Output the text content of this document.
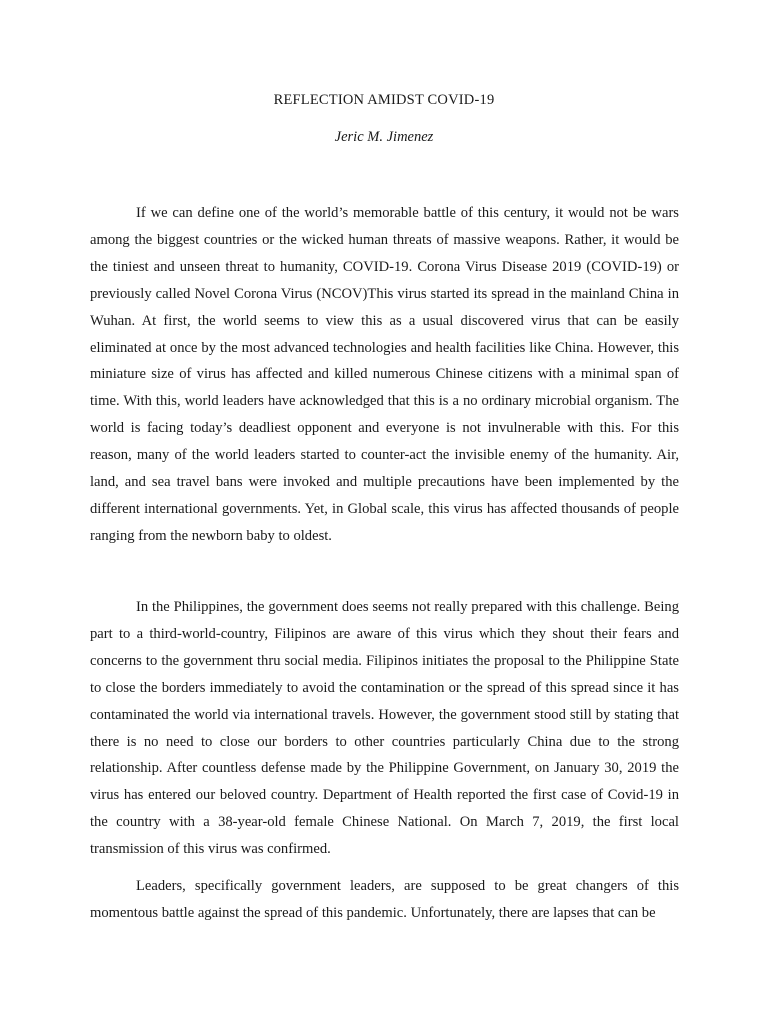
REFLECTION AMIDST COVID-19

Jeric M. Jimenez

If we can define one of the world’s memorable battle of this century, it would not be wars among the biggest countries or the wicked human threats of massive weapons. Rather, it would be the tiniest and unseen threat to humanity, COVID-19. Corona Virus Disease 2019 (COVID-19) or previously called Novel Corona Virus (NCOV)This virus started its spread in the mainland China in Wuhan. At first, the world seems to view this as a usual discovered virus that can be easily eliminated at once by the most advanced technologies and health facilities like China. However, this miniature size of virus has affected and killed numerous Chinese citizens with a minimal span of time. With this, world leaders have acknowledged that this is a no ordinary microbial organism. The world is facing today’s deadliest opponent and everyone is not invulnerable with this. For this reason, many of the world leaders started to counter-act the invisible enemy of the humanity. Air, land, and sea travel bans were invoked and multiple precautions have been implemented by the different international governments. Yet, in Global scale, this virus has affected thousands of people ranging from the newborn baby to oldest.

In the Philippines, the government does seems not really prepared with this challenge. Being part to a third-world-country, Filipinos are aware of this virus which they shout their fears and concerns to the government thru social media. Filipinos initiates the proposal to the Philippine State to close the borders immediately to avoid the contamination or the spread of this spread since it has contaminated the world via international travels. However, the government stood still by stating that there is no need to close our borders to other countries particularly China due to the strong relationship. After countless defense made by the Philippine Government, on January 30, 2019 the virus has entered our beloved country. Department of Health reported the first case of Covid-19 in the country with a 38-year-old female Chinese National. On March 7, 2019, the first local transmission of this virus was confirmed.

Leaders, specifically government leaders, are supposed to be great changers of this momentous battle against the spread of this pandemic. Unfortunately, there are lapses that can be
